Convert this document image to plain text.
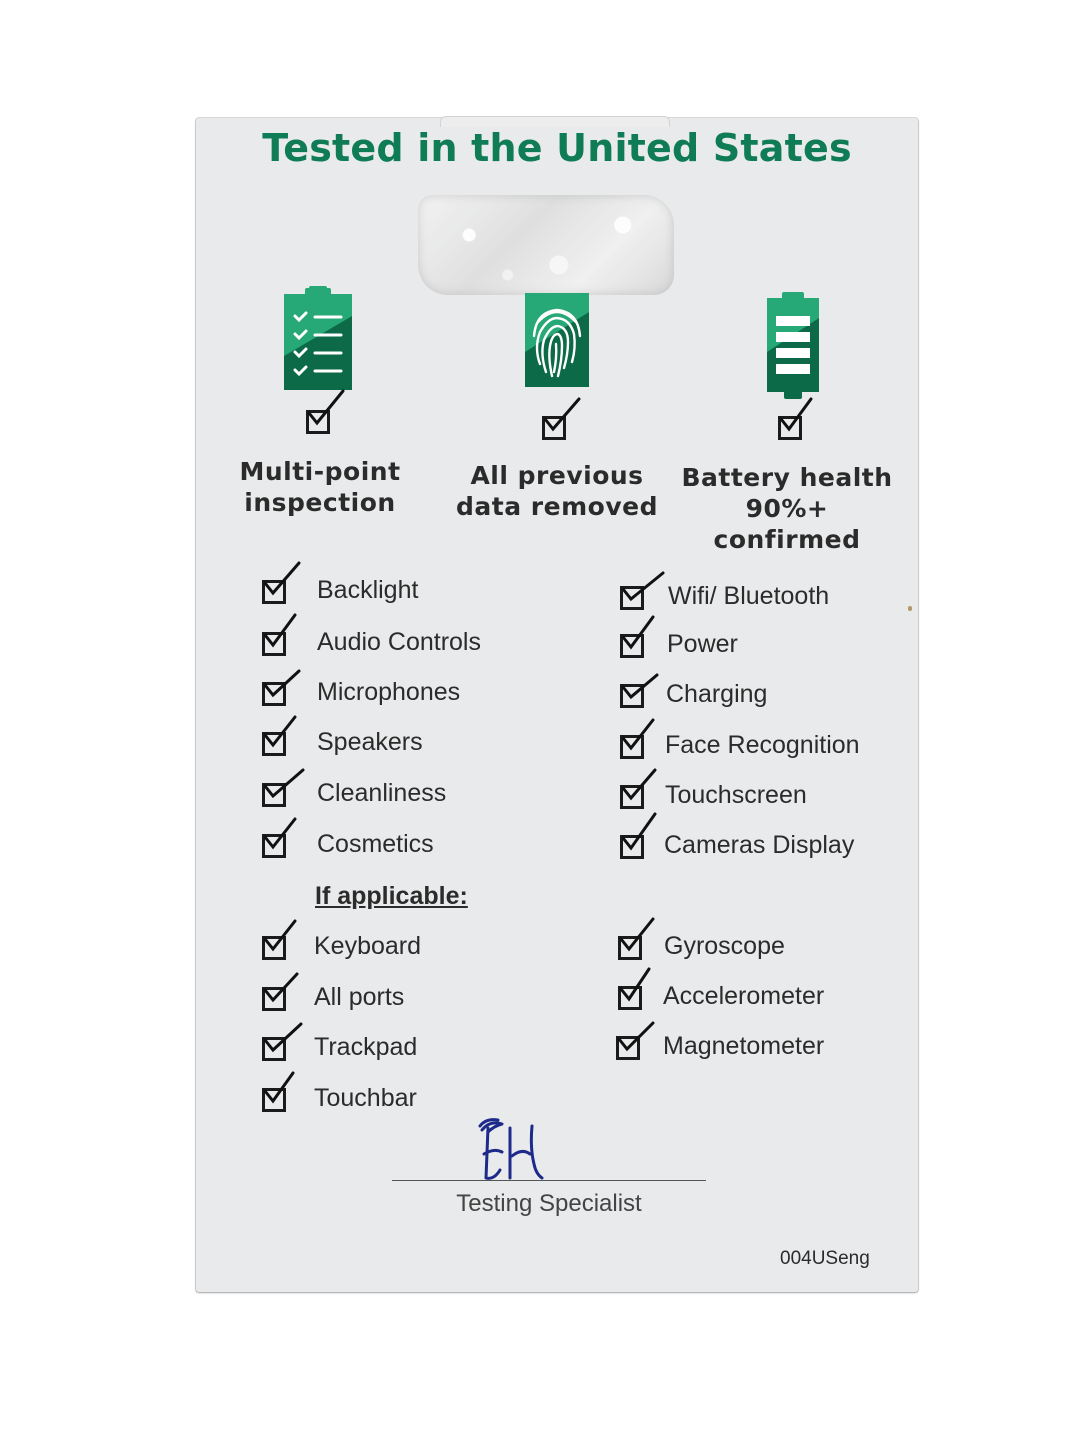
Tested in the United States
Multi-point
inspection
All previous
data removed
Battery health
90%+ confirmed
Backlight
Audio Controls
Microphones
Speakers
Cleanliness
Cosmetics
Wifi/ Bluetooth
Power
Charging
Face Recognition
Touchscreen
Cameras Display
If applicable:
Keyboard
All ports
Trackpad
Touchbar
Gyroscope
Accelerometer
Magnetometer
Testing Specialist
004USeng
